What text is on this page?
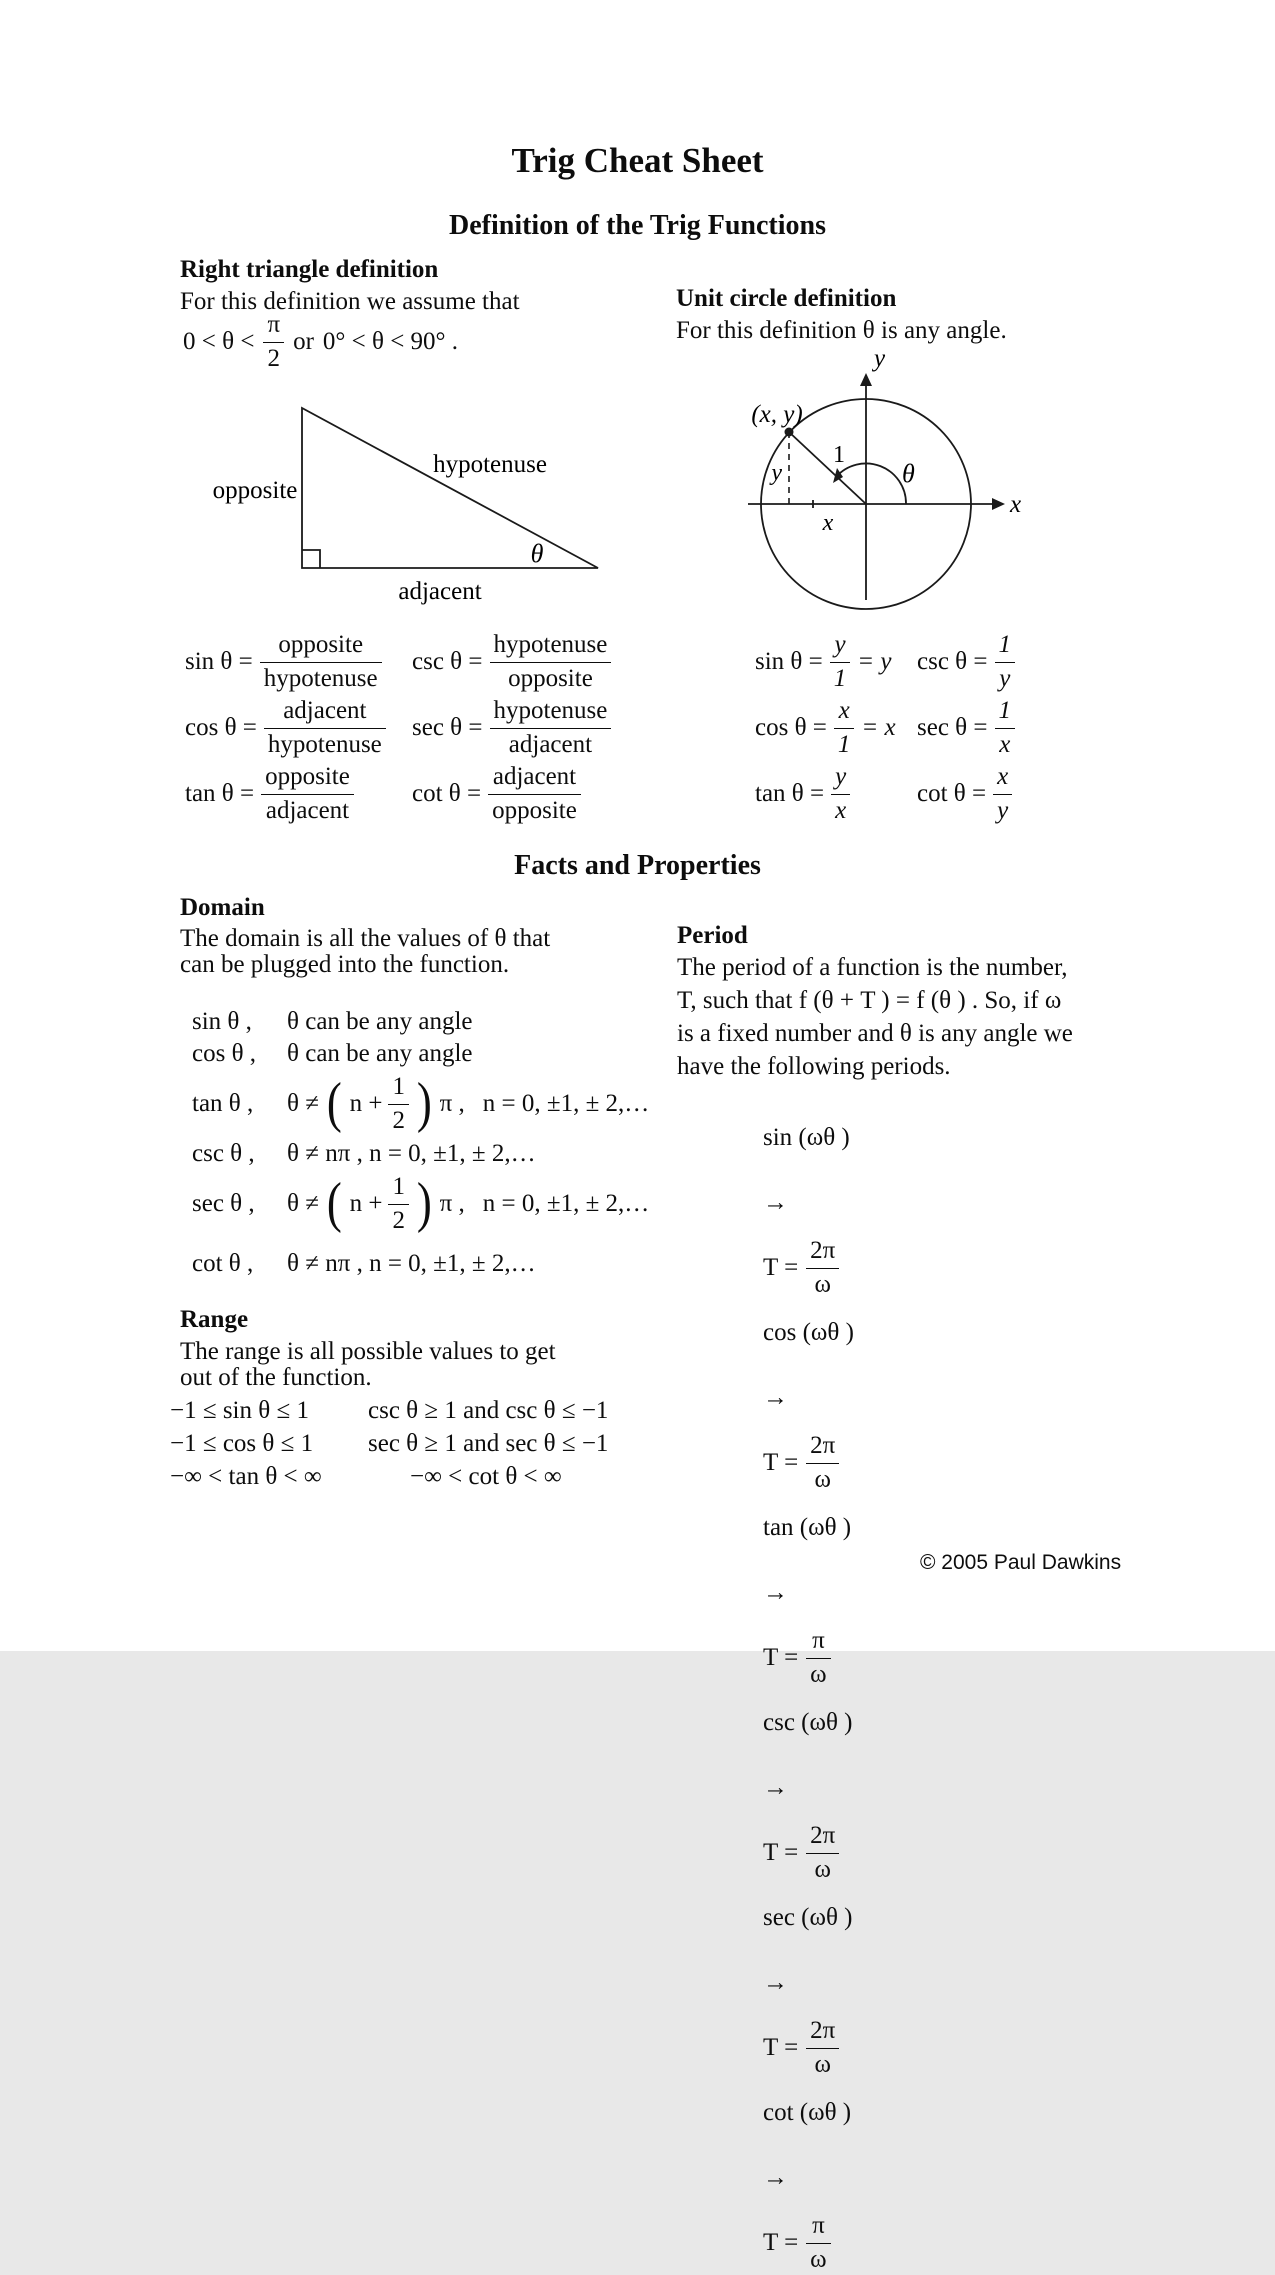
Trig Cheat Sheet
Definition of the Trig Functions
Right triangle definition
For this definition we assume that
$0 < \theta < \frac{\pi}{2}$ or 0° < θ < 90° .
Unit circle definition
For this definition θ is any angle.
opposite
hypotenuse
adjacent
θ
x
y
(x, y)
1
y
x
θ
$\sin \theta = \frac{\text{opposite}}{\text{hypotenuse}}$ $\csc \theta = \frac{\text{hypotenuse}}{\text{opposite}}$
$\cos \theta = \frac{\text{adjacent}}{\text{hypotenuse}}$ $\sec \theta = \frac{\text{hypotenuse}}{\text{adjacent}}$
$\tan \theta = \frac{\text{opposite}}{\text{adjacent}}$ $\cot \theta = \frac{\text{adjacent}}{\text{opposite}}$
$\sin \theta = \frac{y}{1} = y$ $\csc \theta = \frac{1}{y}$
$\cos \theta = \frac{x}{1} = x$ $\sec \theta = \frac{1}{x}$
$\tan \theta = \frac{y}{x}$	$\cot \theta = \frac{x}{y}$
Facts and Properties
Domain
The domain is all the values of θ that
can be plugged into the function.
sin θ ,	θ can be any angle
cos θ ,	θ can be any angle
tan θ ,	θ ≠ ( $n + \frac{1}{2}$ ) π , n = 0, ±1, ± 2,…
csc θ ,	θ ≠ nπ , n = 0, ±1, ± 2,…
sec θ ,	θ ≠ ( $n + \frac{1}{2}$ ) π , n = 0, ±1, ± 2,…
cot θ ,	θ ≠ nπ , n = 0, ±1, ± 2,…
Range
The range is all possible values to get
out of the function.
−1 ≤ sin θ ≤ 1	csc θ ≥ 1 and csc θ ≤ −1
−1 ≤ cos θ ≤ 1	sec θ ≥ 1 and sec θ ≤ −1
−∞ < tan θ < ∞	−∞ < cot θ < ∞
Period
The period of a function is the number,
T, such that f (θ + T ) = f (θ ) . So, if ω
is a fixed number and θ is any angle we
have the following periods.
sin (ωθ )
→
$T = \frac{2\pi}{\omega}$
cos (ωθ )
→
$T = \frac{2\pi}{\omega}$
tan (ωθ )
→
$T = \frac{\pi}{\omega}$
csc (ωθ )
→
$T = \frac{2\pi}{\omega}$
sec (ωθ )
→
$T = \frac{2\pi}{\omega}$
cot (ωθ )
→
$T = \frac{\pi}{\omega}$
© 2005 Paul Dawkins
